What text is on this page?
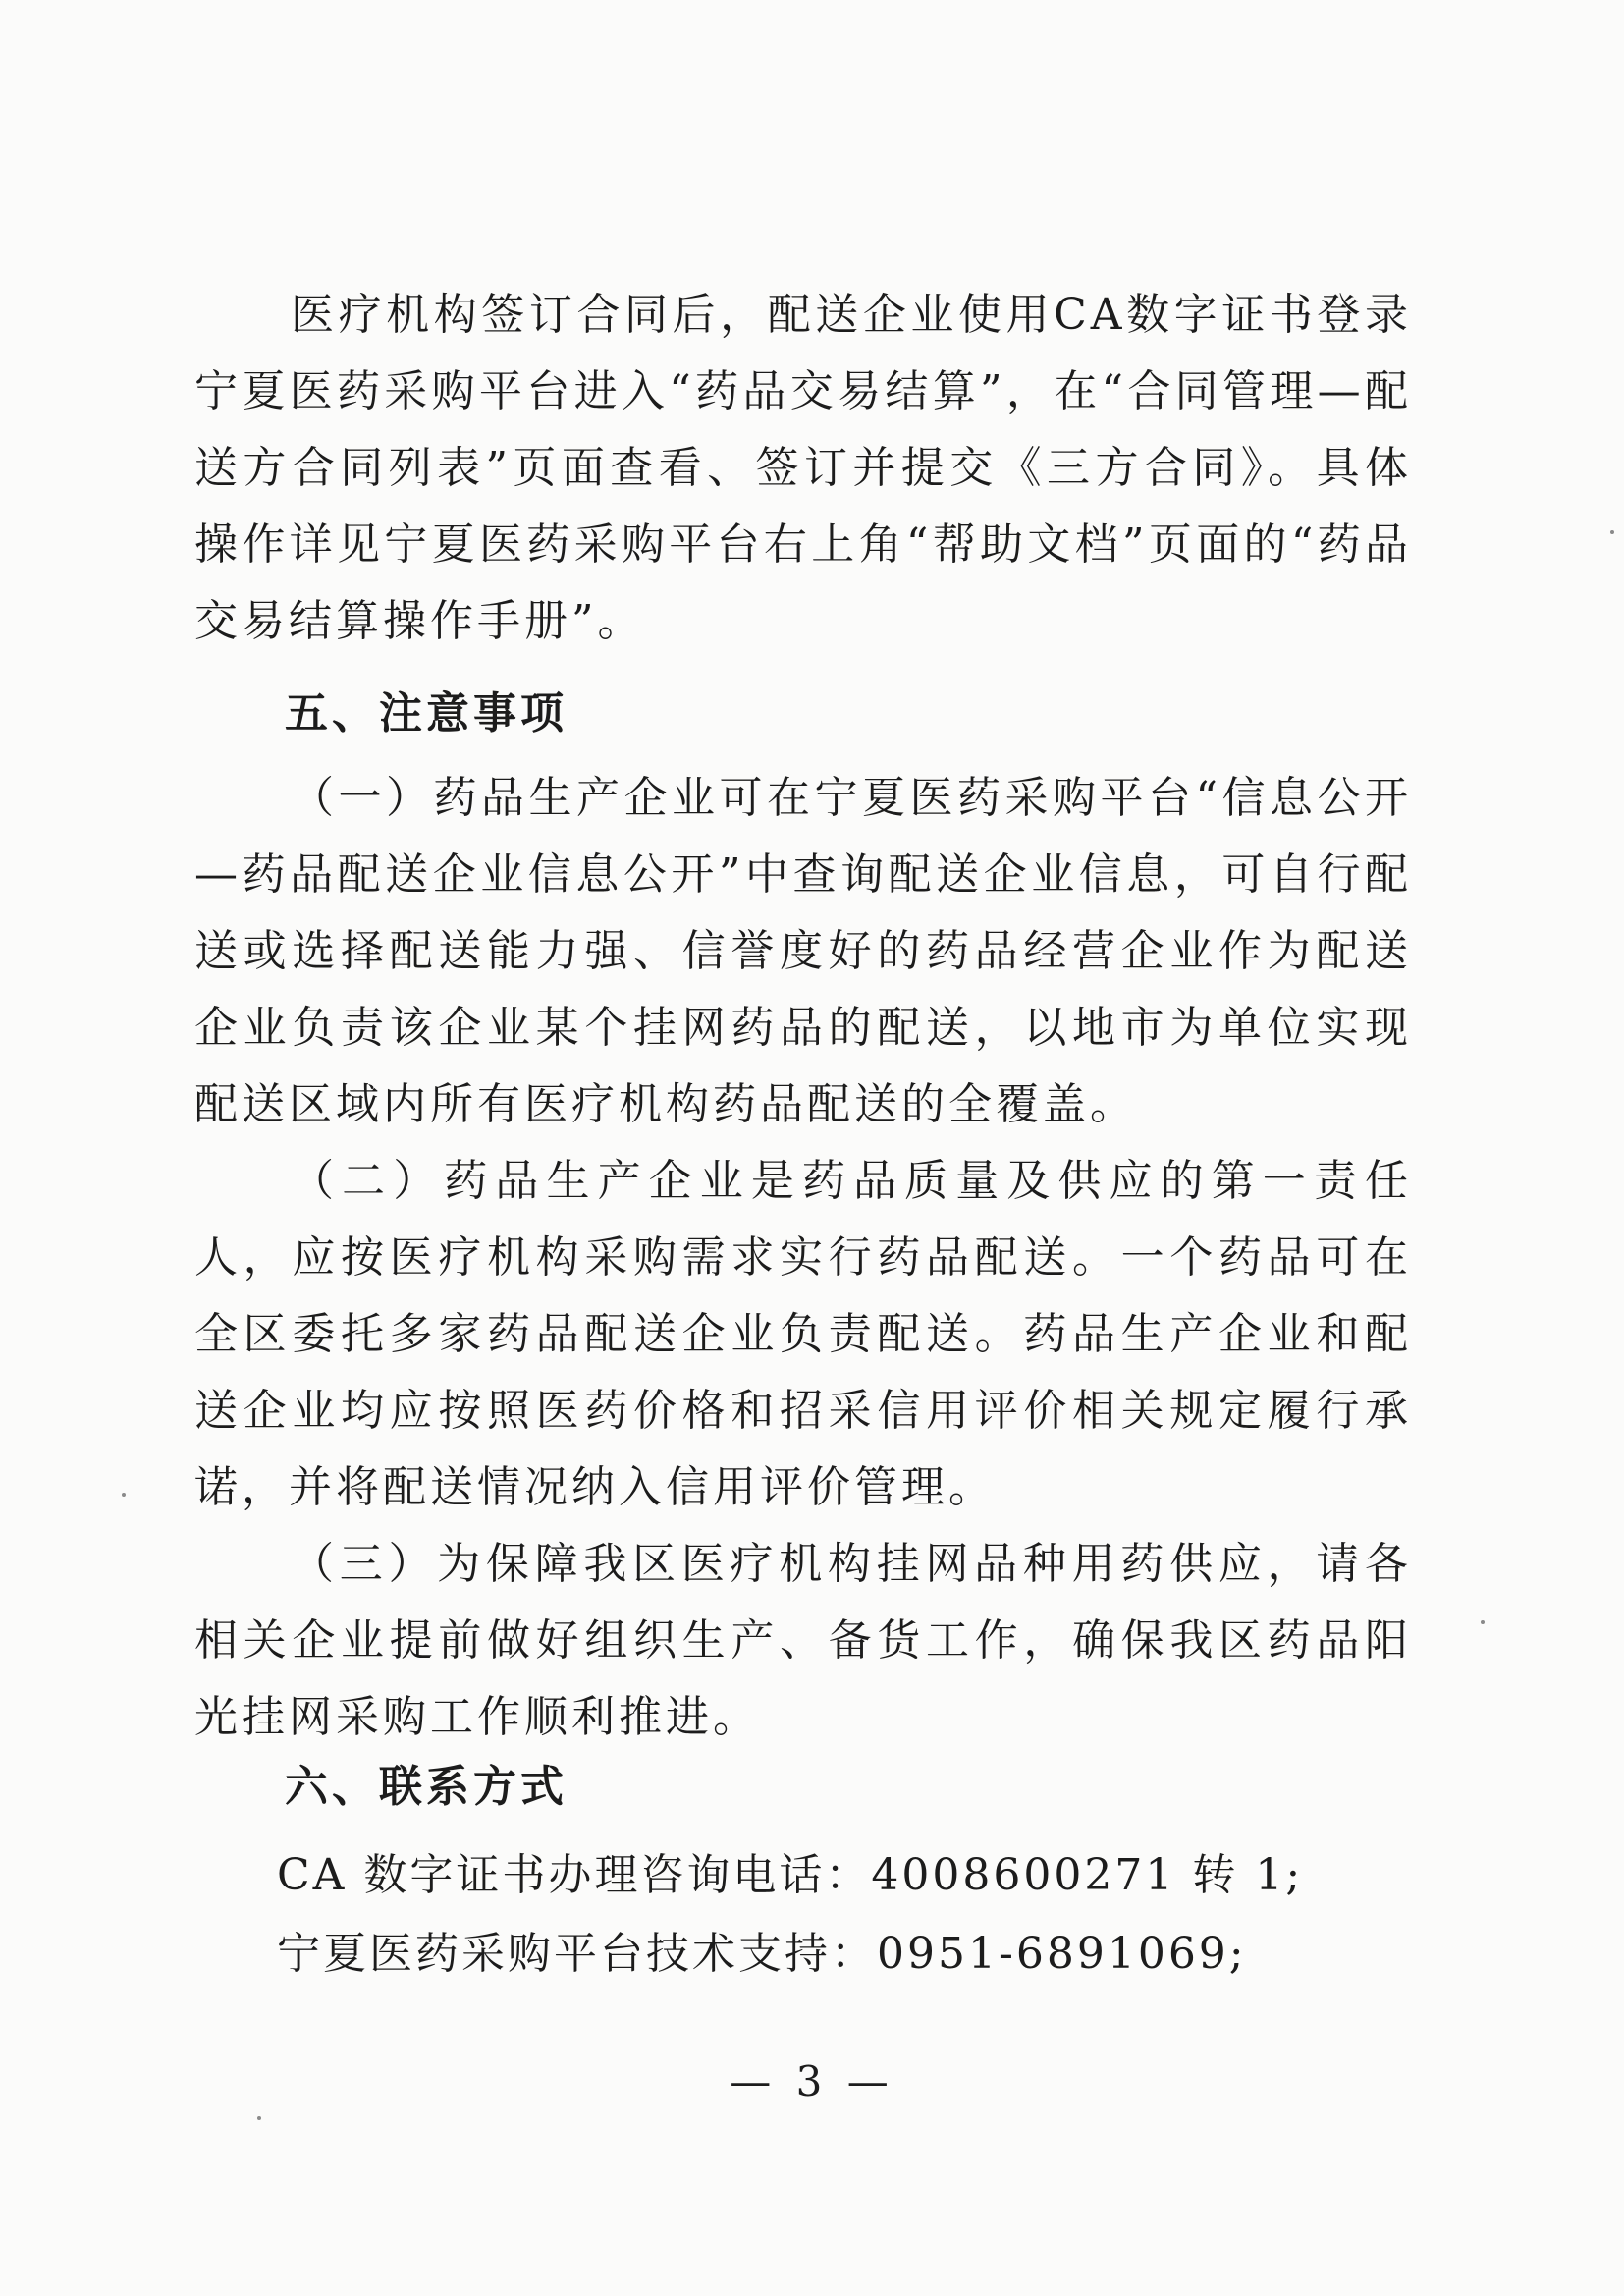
医疗机构签订合同后，配送企业使用CA数字证书登录宁夏医药采购平台进入“药品交易结算”，在“合同管理—配送方合同列表”页面查看、签订并提交《三方合同》。具体操作详见宁夏医药采购平台右上角“帮助文档”页面的“药品交易结算操作手册”。

五、注意事项

（一）药品生产企业可在宁夏医药采购平台“信息公开—药品配送企业信息公开”中查询配送企业信息，可自行配送或选择配送能力强、信誉度好的药品经营企业作为配送企业负责该企业某个挂网药品的配送，以地市为单位实现配送区域内所有医疗机构药品配送的全覆盖。

（二）药品生产企业是药品质量及供应的第一责任人，应按医疗机构采购需求实行药品配送。一个药品可在全区委托多家药品配送企业负责配送。药品生产企业和配送企业均应按照医药价格和招采信用评价相关规定履行承诺，并将配送情况纳入信用评价管理。

（三）为保障我区医疗机构挂网品种用药供应，请各相关企业提前做好组织生产、备货工作，确保我区药品阳光挂网采购工作顺利推进。

六、联系方式

CA 数字证书办理咨询电话：4008600271 转 1;

宁夏医药采购平台技术支持：0951-6891069;

— 3 —
